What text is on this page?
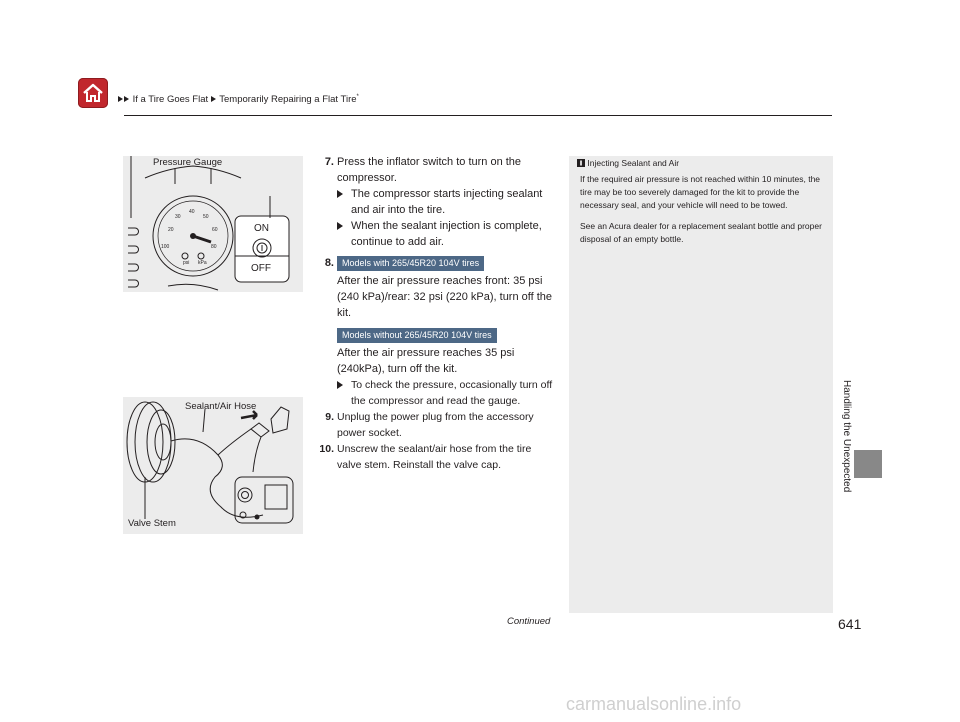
If a Tire Goes Flat Temporarily Repairing a Flat Tire*
Handling the Unexpected
20
30
40
50
60
100	80
psi kPa
Pressure Gauge
ON
OFF
Sealant/Air Hose
Valve Stem

7. Press the inflator switch to turn on the compressor.

The compressor starts injecting sealant and air into the tire.

When the sealant injection is complete, continue to add air.

8. Models with 265/45R20 104V tires

After the air pressure reaches front: 35 psi (240 kPa)/rear: 32 psi (220 kPa), turn off the kit.

Models without 265/45R20 104V tires

After the air pressure reaches 35 psi (240kPa), turn off the kit.

To check the pressure, occasionally turn off the compressor and read the gauge.

9. Unplug the power plug from the accessory power socket.

10. Unscrew the sealant/air hose from the tire valve stem. Reinstall the valve cap.

Injecting Sealant and Air

If the required air pressure is not reached within 10 minutes, the tire may be too severely damaged for the kit to provide the necessary seal, and your vehicle will need to be towed.

See an Acura dealer for a replacement sealant bottle and proper disposal of an empty bottle.

Continued	641
carmanualsonline.info
